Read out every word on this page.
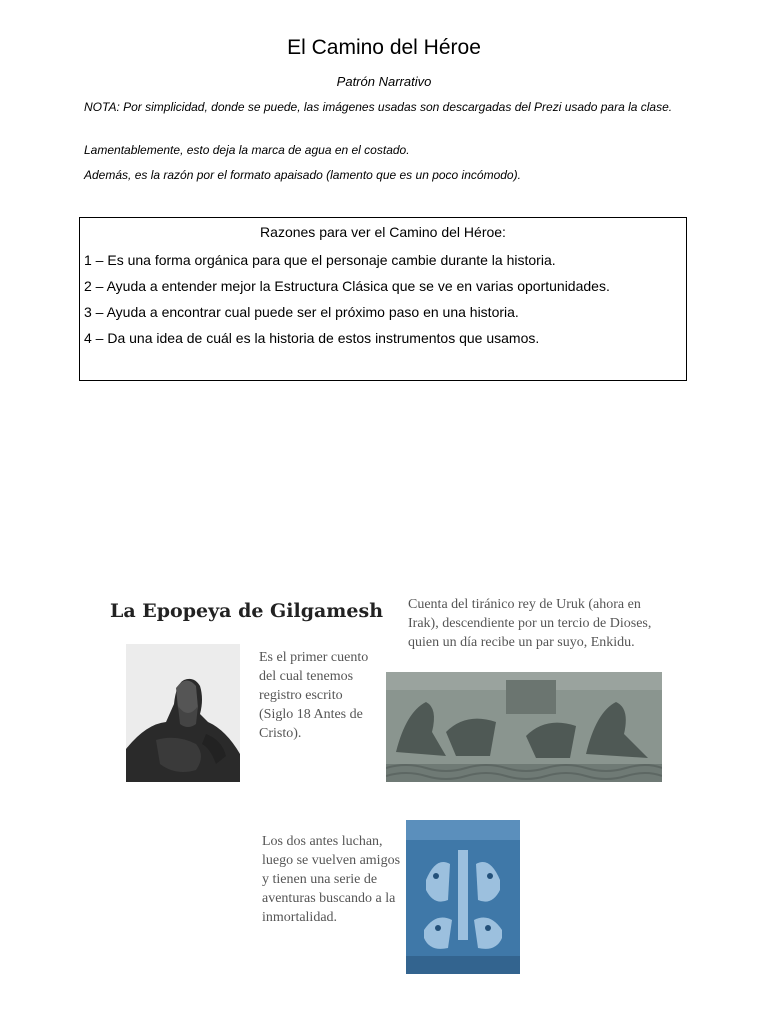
El Camino del Héroe
Patrón Narrativo
NOTA: Por simplicidad, donde se puede, las imágenes usadas son descargadas del Prezi usado para la clase.
Lamentablemente, esto deja la marca de agua en el costado.
Además, es la razón por el formato apaisado (lamento que es un poco incómodo).
Razones para ver el Camino del Héroe:
1 – Es una forma orgánica para que el personaje cambie durante la historia.
2 – Ayuda a entender mejor la Estructura Clásica que se ve en varias oportunidades.
3 – Ayuda a encontrar cual puede ser el próximo paso en una historia.
4 – Da una idea de cuál es la historia de estos instrumentos que usamos.
La Epopeya de Gilgamesh
Es el primer cuento del cual tenemos registro escrito (Siglo 18 Antes de Cristo).
Cuenta del tiránico rey de Uruk (ahora en Irak), descendiente por un tercio de Dioses, quien un día recibe un par suyo, Enkidu.
Los dos antes luchan, luego se vuelven amigos y tienen una serie de aventuras buscando a la inmortalidad.
